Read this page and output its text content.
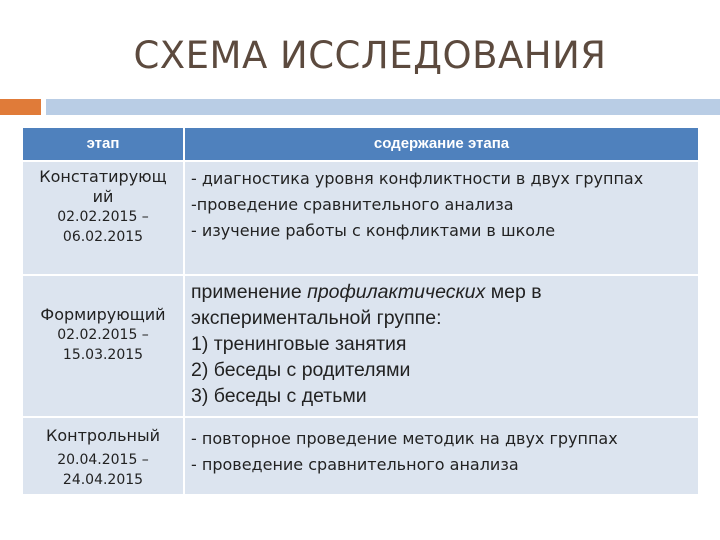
СХЕМА ИССЛЕДОВАНИЯ
этап	содержание этапа
Констатирующ
ий
02.02.2015 –
06.02.2015
- диагностика уровня конфликтности в двух группах
-проведение сравнительного анализа
- изучение работы с конфликтами в школе
Формирующий
02.02.2015 –
15.03.2015
применение профилактических мер в
экспериментальной группе:
1) тренинговые занятия
2) беседы с родителями
3) беседы с детьми
Контрольный
20.04.2015 –
24.04.2015
- повторное проведение методик на двух группах
- проведение сравнительного анализа
